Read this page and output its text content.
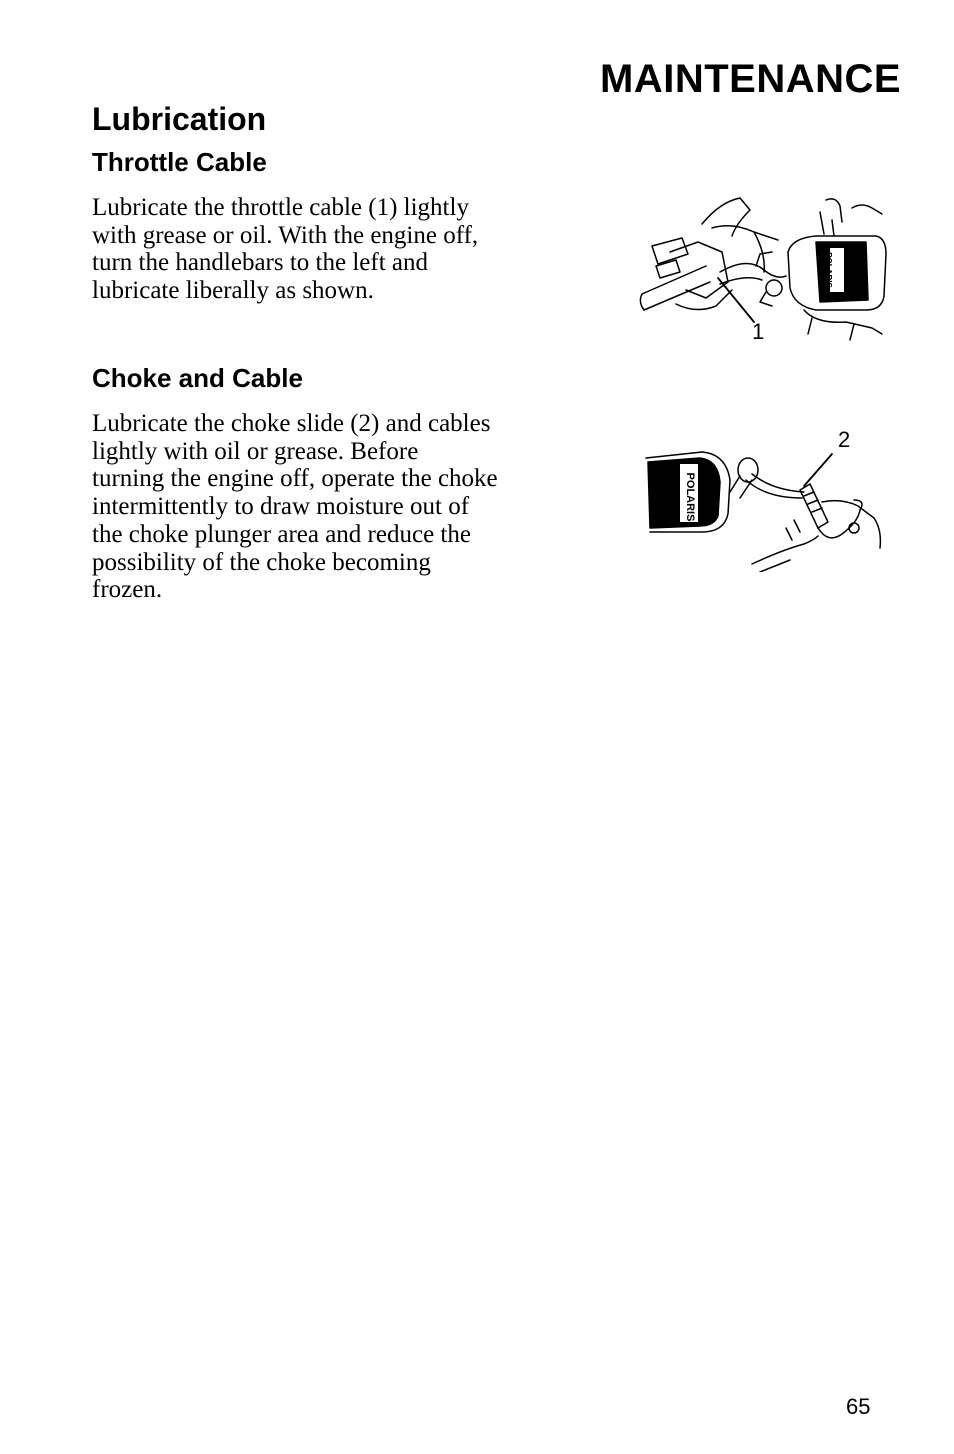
MAINTENANCE
Lubrication
Throttle Cable
Lubricate the throttle cable (1) lightly
with grease or oil. With the engine off,
turn the handlebars to the left and
lubricate liberally as shown.
POLARIS
1
Choke and Cable
Lubricate the choke slide (2) and cables
lightly with oil or grease. Before
turning the engine off, operate the choke
intermittently to draw moisture out of
the choke plunger area and reduce the
possibility of the choke becoming
frozen.
POLARIS
2
65
